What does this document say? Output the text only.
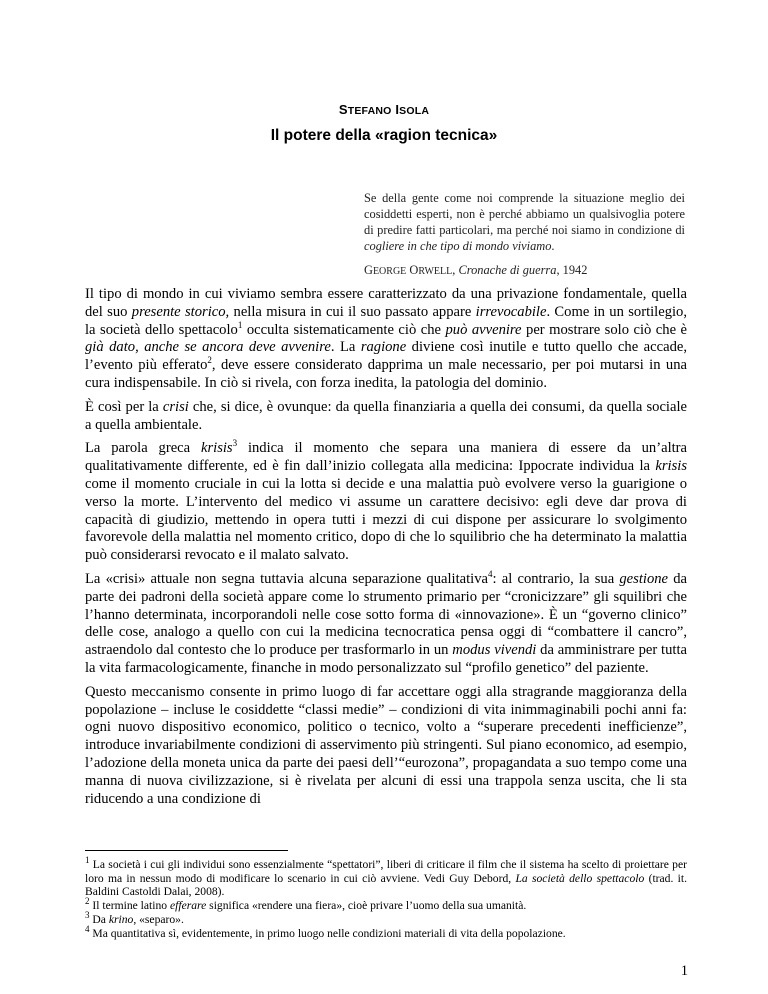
STEFANO ISOLA
Il potere della «ragion tecnica»
Se della gente come noi comprende la situazione meglio dei cosiddetti esperti, non è perché abbiamo un qualsivoglia potere di predire fatti particolari, ma perché noi siamo in condizione di cogliere in che tipo di mondo viviamo.
GEORGE ORWELL, Cronache di guerra, 1942

Il tipo di mondo in cui viviamo sembra essere caratterizzato da una privazione fondamentale, quella del suo presente storico, nella misura in cui il suo passato appare irrevocabile. Come in un sortilegio, la società dello spettacolo$^1$ occulta sistematicamente ciò che può avvenire per mostrare solo ciò che è già dato, anche se ancora deve avvenire. La ragione diviene così inutile e tutto quello che accade, l’evento più efferato$^2$, deve essere considerato dapprima un male necessario, per poi mutarsi in una cura indispensabile. In ciò si rivela, con forza inedita, la patologia del dominio.

È così per la crisi che, si dice, è ovunque: da quella finanziaria a quella dei consumi, da quella sociale a quella ambientale.

La parola greca krisis$^3$ indica il momento che separa una maniera di essere da un’altra qualitativamente differente, ed è fin dall’inizio collegata alla medicina: Ippocrate individua la krisis come il momento cruciale in cui la lotta si decide e una malattia può evolvere verso la guarigione o verso la morte. L’intervento del medico vi assume un carattere decisivo: egli deve dar prova di capacità di giudizio, mettendo in opera tutti i mezzi di cui dispone per assicurare lo svolgimento favorevole della malattia nel momento critico, dopo di che lo squilibrio che ha determinato la malattia può considerarsi revocato e il malato salvato.

La «crisi» attuale non segna tuttavia alcuna separazione qualitativa$^4$: al contrario, la sua gestione da parte dei padroni della società appare come lo strumento primario per “cronicizzare” gli squilibri che l’hanno determinata, incorporandoli nelle cose sotto forma di «innovazione». È un “governo clinico” delle cose, analogo a quello con cui la medicina tecnocratica pensa oggi di “combattere il cancro”, astraendolo dal contesto che lo produce per trasformarlo in un modus vivendi da amministrare per tutta la vita farmacologicamente, finanche in modo personalizzato sul “profilo genetico” del paziente.

Questo meccanismo consente in primo luogo di far accettare oggi alla stragrande maggioranza della popolazione – incluse le cosiddette “classi medie” – condizioni di vita inimmaginabili pochi anni fa: ogni nuovo dispositivo economico, politico o tecnico, volto a “superare precedenti inefficienze”, introduce invariabilmente condizioni di asservimento più stringenti. Sul piano economico, ad esempio, l’adozione della moneta unica da parte dei paesi dell’“eurozona”, propagandata a suo tempo come una manna di nuova civilizzazione, si è rivelata per alcuni di essi una trappola senza uscita, che li sta riducendo a una condizione di

$^1$ La società i cui gli individui sono essenzialmente “spettatori”, liberi di criticare il film che il sistema ha scelto di proiettare per loro ma in nessun modo di modificare lo scenario in cui ciò avviene. Vedi Guy Debord, La società dello spettacolo (trad. it. Baldini Castoldi Dalai, 2008).

$^2$ Il termine latino efferare significa «rendere una fiera», cioè privare l’uomo della sua umanità.

$^3$ Da krino, «separo».

$^4$ Ma quantitativa sì, evidentemente, in primo luogo nelle condizioni materiali di vita della popolazione.

1
